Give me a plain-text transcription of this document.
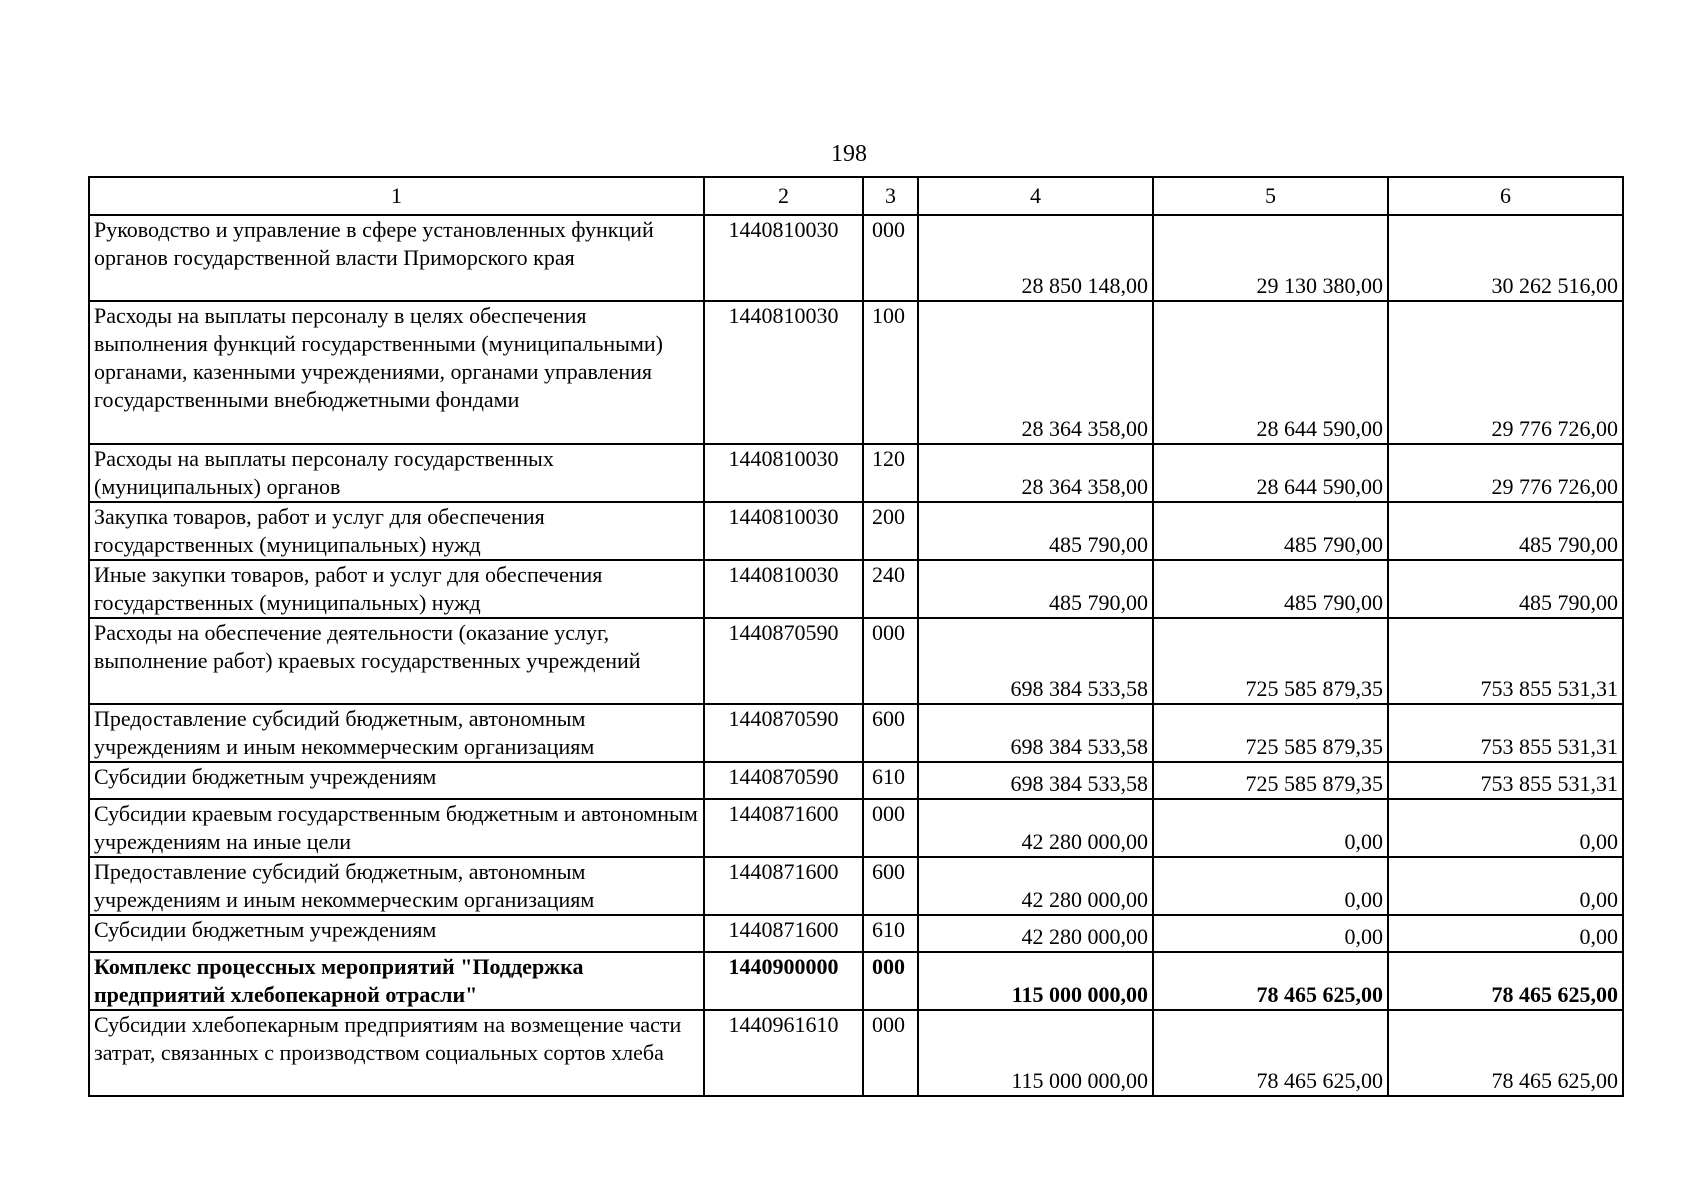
198
1	2	3	4	5	6
Руководство и управление в сфере установленных функций органов государственной власти Приморского края	1440810030	000	28 850 148,00	29 130 380,00	30 262 516,00
Расходы на выплаты персоналу в целях обеспечения выполнения функций государственными (муниципальными) органами, казенными учреждениями, органами управления государственными внебюджетными фондами	1440810030	100	28 364 358,00	28 644 590,00	29 776 726,00
Расходы на выплаты персоналу государственных (муниципальных) органов	1440810030	120	28 364 358,00	28 644 590,00	29 776 726,00
Закупка товаров, работ и услуг для обеспечения государственных (муниципальных) нужд	1440810030	200	485 790,00	485 790,00	485 790,00
Иные закупки товаров, работ и услуг для обеспечения государственных (муниципальных) нужд	1440810030	240	485 790,00	485 790,00	485 790,00
Расходы на обеспечение деятельности (оказание услуг, выполнение работ) краевых государственных учреждений	1440870590	000	698 384 533,58	725 585 879,35	753 855 531,31
Предоставление субсидий бюджетным, автономным учреждениям и иным некоммерческим организациям	1440870590	600	698 384 533,58	725 585 879,35	753 855 531,31
Субсидии бюджетным учреждениям	1440870590	610	698 384 533,58	725 585 879,35	753 855 531,31
Субсидии краевым государственным бюджетным и автономным учреждениям на иные цели	1440871600	000	42 280 000,00	0,00	0,00
Предоставление субсидий бюджетным, автономным учреждениям и иным некоммерческим организациям	1440871600	600	42 280 000,00	0,00	0,00
Субсидии бюджетным учреждениям	1440871600	610	42 280 000,00	0,00	0,00
Комплекс процессных мероприятий "Поддержка предприятий хлебопекарной отрасли"	1440900000	000	115 000 000,00	78 465 625,00	78 465 625,00
Субсидии хлебопекарным предприятиям на возмещение части затрат, связанных с производством социальных сортов хлеба	1440961610	000	115 000 000,00	78 465 625,00	78 465 625,00
